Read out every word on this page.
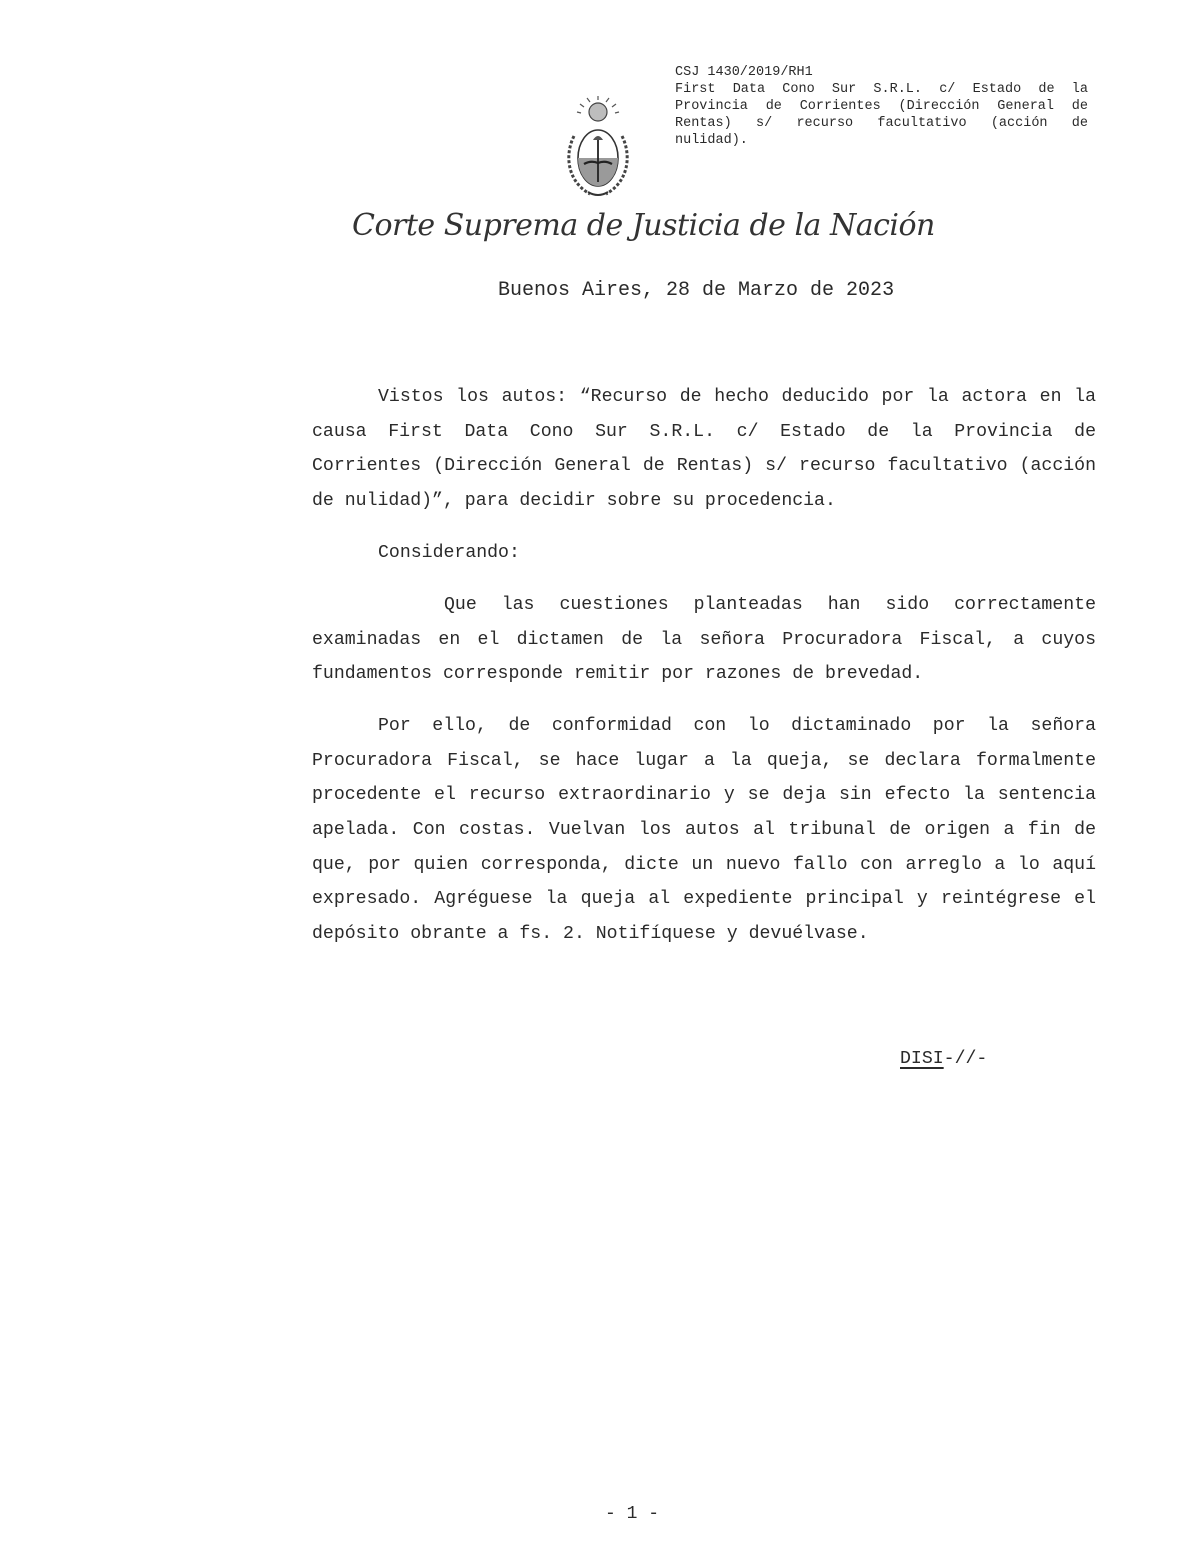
CSJ 1430/2019/RH1
First Data Cono Sur S.R.L. c/ Estado de la Provincia de Corrientes (Dirección General de Rentas) s/ recurso facultativo (acción de nulidad).
Corte Suprema de Justicia de la Nación
Buenos Aires, 28 de Marzo de 2023

Vistos los autos: “Recurso de hecho deducido por la actora en la causa First Data Cono Sur S.R.L. c/ Estado de la Provincia de Corrientes (Dirección General de Rentas) s/ recurso facultativo (acción de nulidad)”, para decidir sobre su procedencia.

Considerando:

Que las cuestiones planteadas han sido correctamente examinadas en el dictamen de la señora Procuradora Fiscal, a cuyos fundamentos corresponde remitir por razones de brevedad.

Por ello, de conformidad con lo dictaminado por la señora Procuradora Fiscal, se hace lugar a la queja, se declara formalmente procedente el recurso extraordinario y se deja sin efecto la sentencia apelada. Con costas. Vuelvan los autos al tribunal de origen a fin de que, por quien corresponda, dicte un nuevo fallo con arreglo a lo aquí expresado. Agréguese la queja al expediente principal y reintégrese el depósito obrante a fs. 2. Notifíquese y devuélvase.

DISI-//-
- 1 -
